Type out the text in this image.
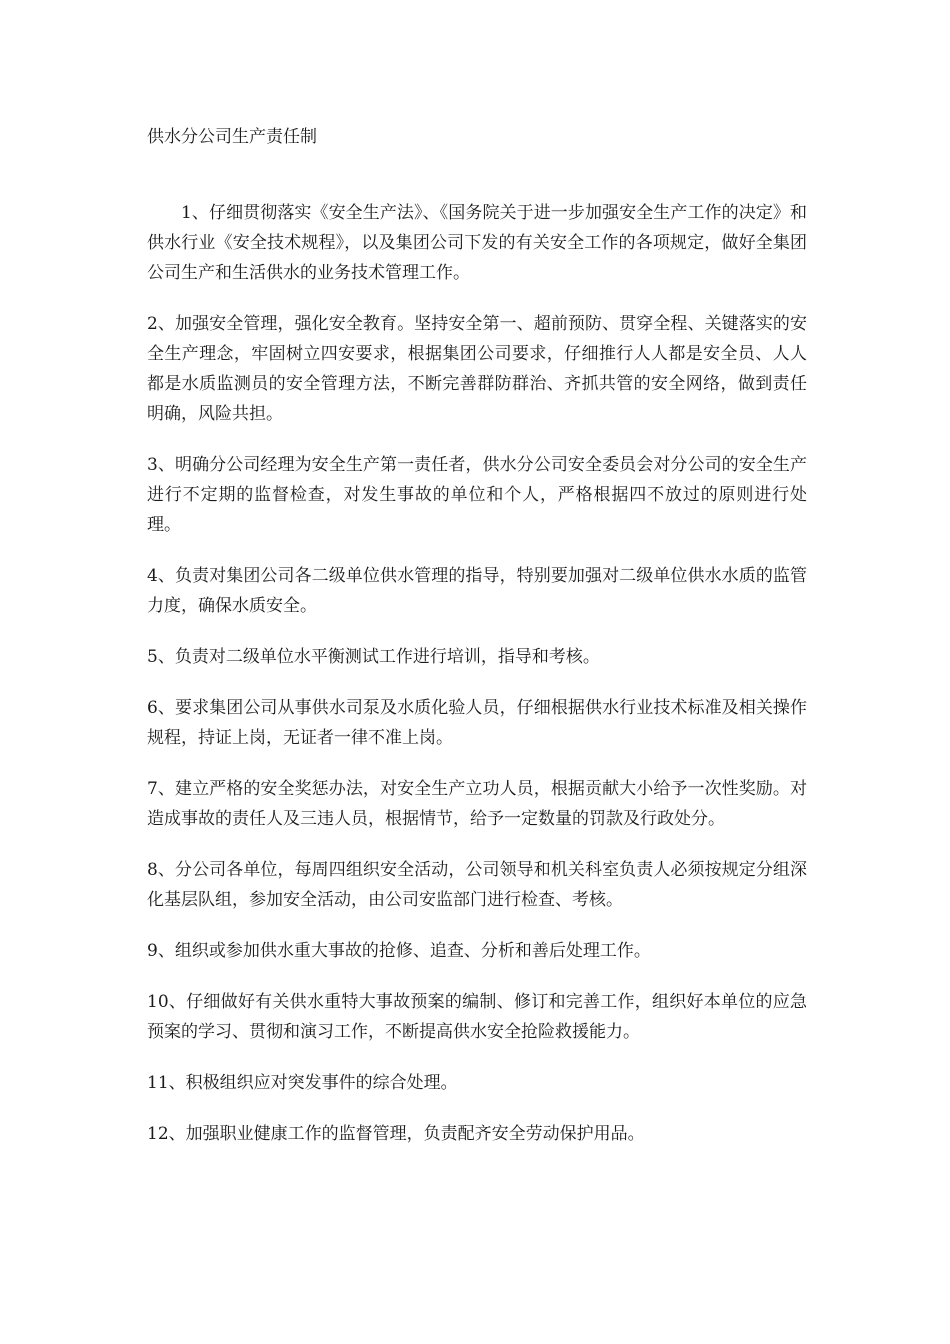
供水分公司生产责任制

1、仔细贯彻落实《安全生产法》、《国务院关于进一步加强安全生产工作的决定》和供水行业《安全技术规程》，以及集团公司下发的有关安全工作的各项规定，做好全集团公司生产和生活供水的业务技术管理工作。

2、加强安全管理，强化安全教育。坚持安全第一、超前预防、贯穿全程、关键落实的安全生产理念，牢固树立四安要求，根据集团公司要求，仔细推行人人都是安全员、人人都是水质监测员的安全管理方法，不断完善群防群治、齐抓共管的安全网络，做到责任明确，风险共担。

3、明确分公司经理为安全生产第一责任者，供水分公司安全委员会对分公司的安全生产进行不定期的监督检查，对发生事故的单位和个人，严格根据四不放过的原则进行处理。

4、负责对集团公司各二级单位供水管理的指导，特别要加强对二级单位供水水质的监管力度，确保水质安全。

5、负责对二级单位水平衡测试工作进行培训，指导和考核。

6、要求集团公司从事供水司泵及水质化验人员，仔细根据供水行业技术标准及相关操作规程，持证上岗，无证者一律不准上岗。

7、建立严格的安全奖惩办法，对安全生产立功人员，根据贡献大小给予一次性奖励。对造成事故的责任人及三违人员，根据情节，给予一定数量的罚款及行政处分。

8、分公司各单位，每周四组织安全活动，公司领导和机关科室负责人必须按规定分组深化基层队组，参加安全活动，由公司安监部门进行检查、考核。

9、组织或参加供水重大事故的抢修、追查、分析和善后处理工作。

10、仔细做好有关供水重特大事故预案的编制、修订和完善工作，组织好本单位的应急预案的学习、贯彻和演习工作，不断提高供水安全抢险救援能力。

11、积极组织应对突发事件的综合处理。

12、加强职业健康工作的监督管理，负责配齐安全劳动保护用品。
